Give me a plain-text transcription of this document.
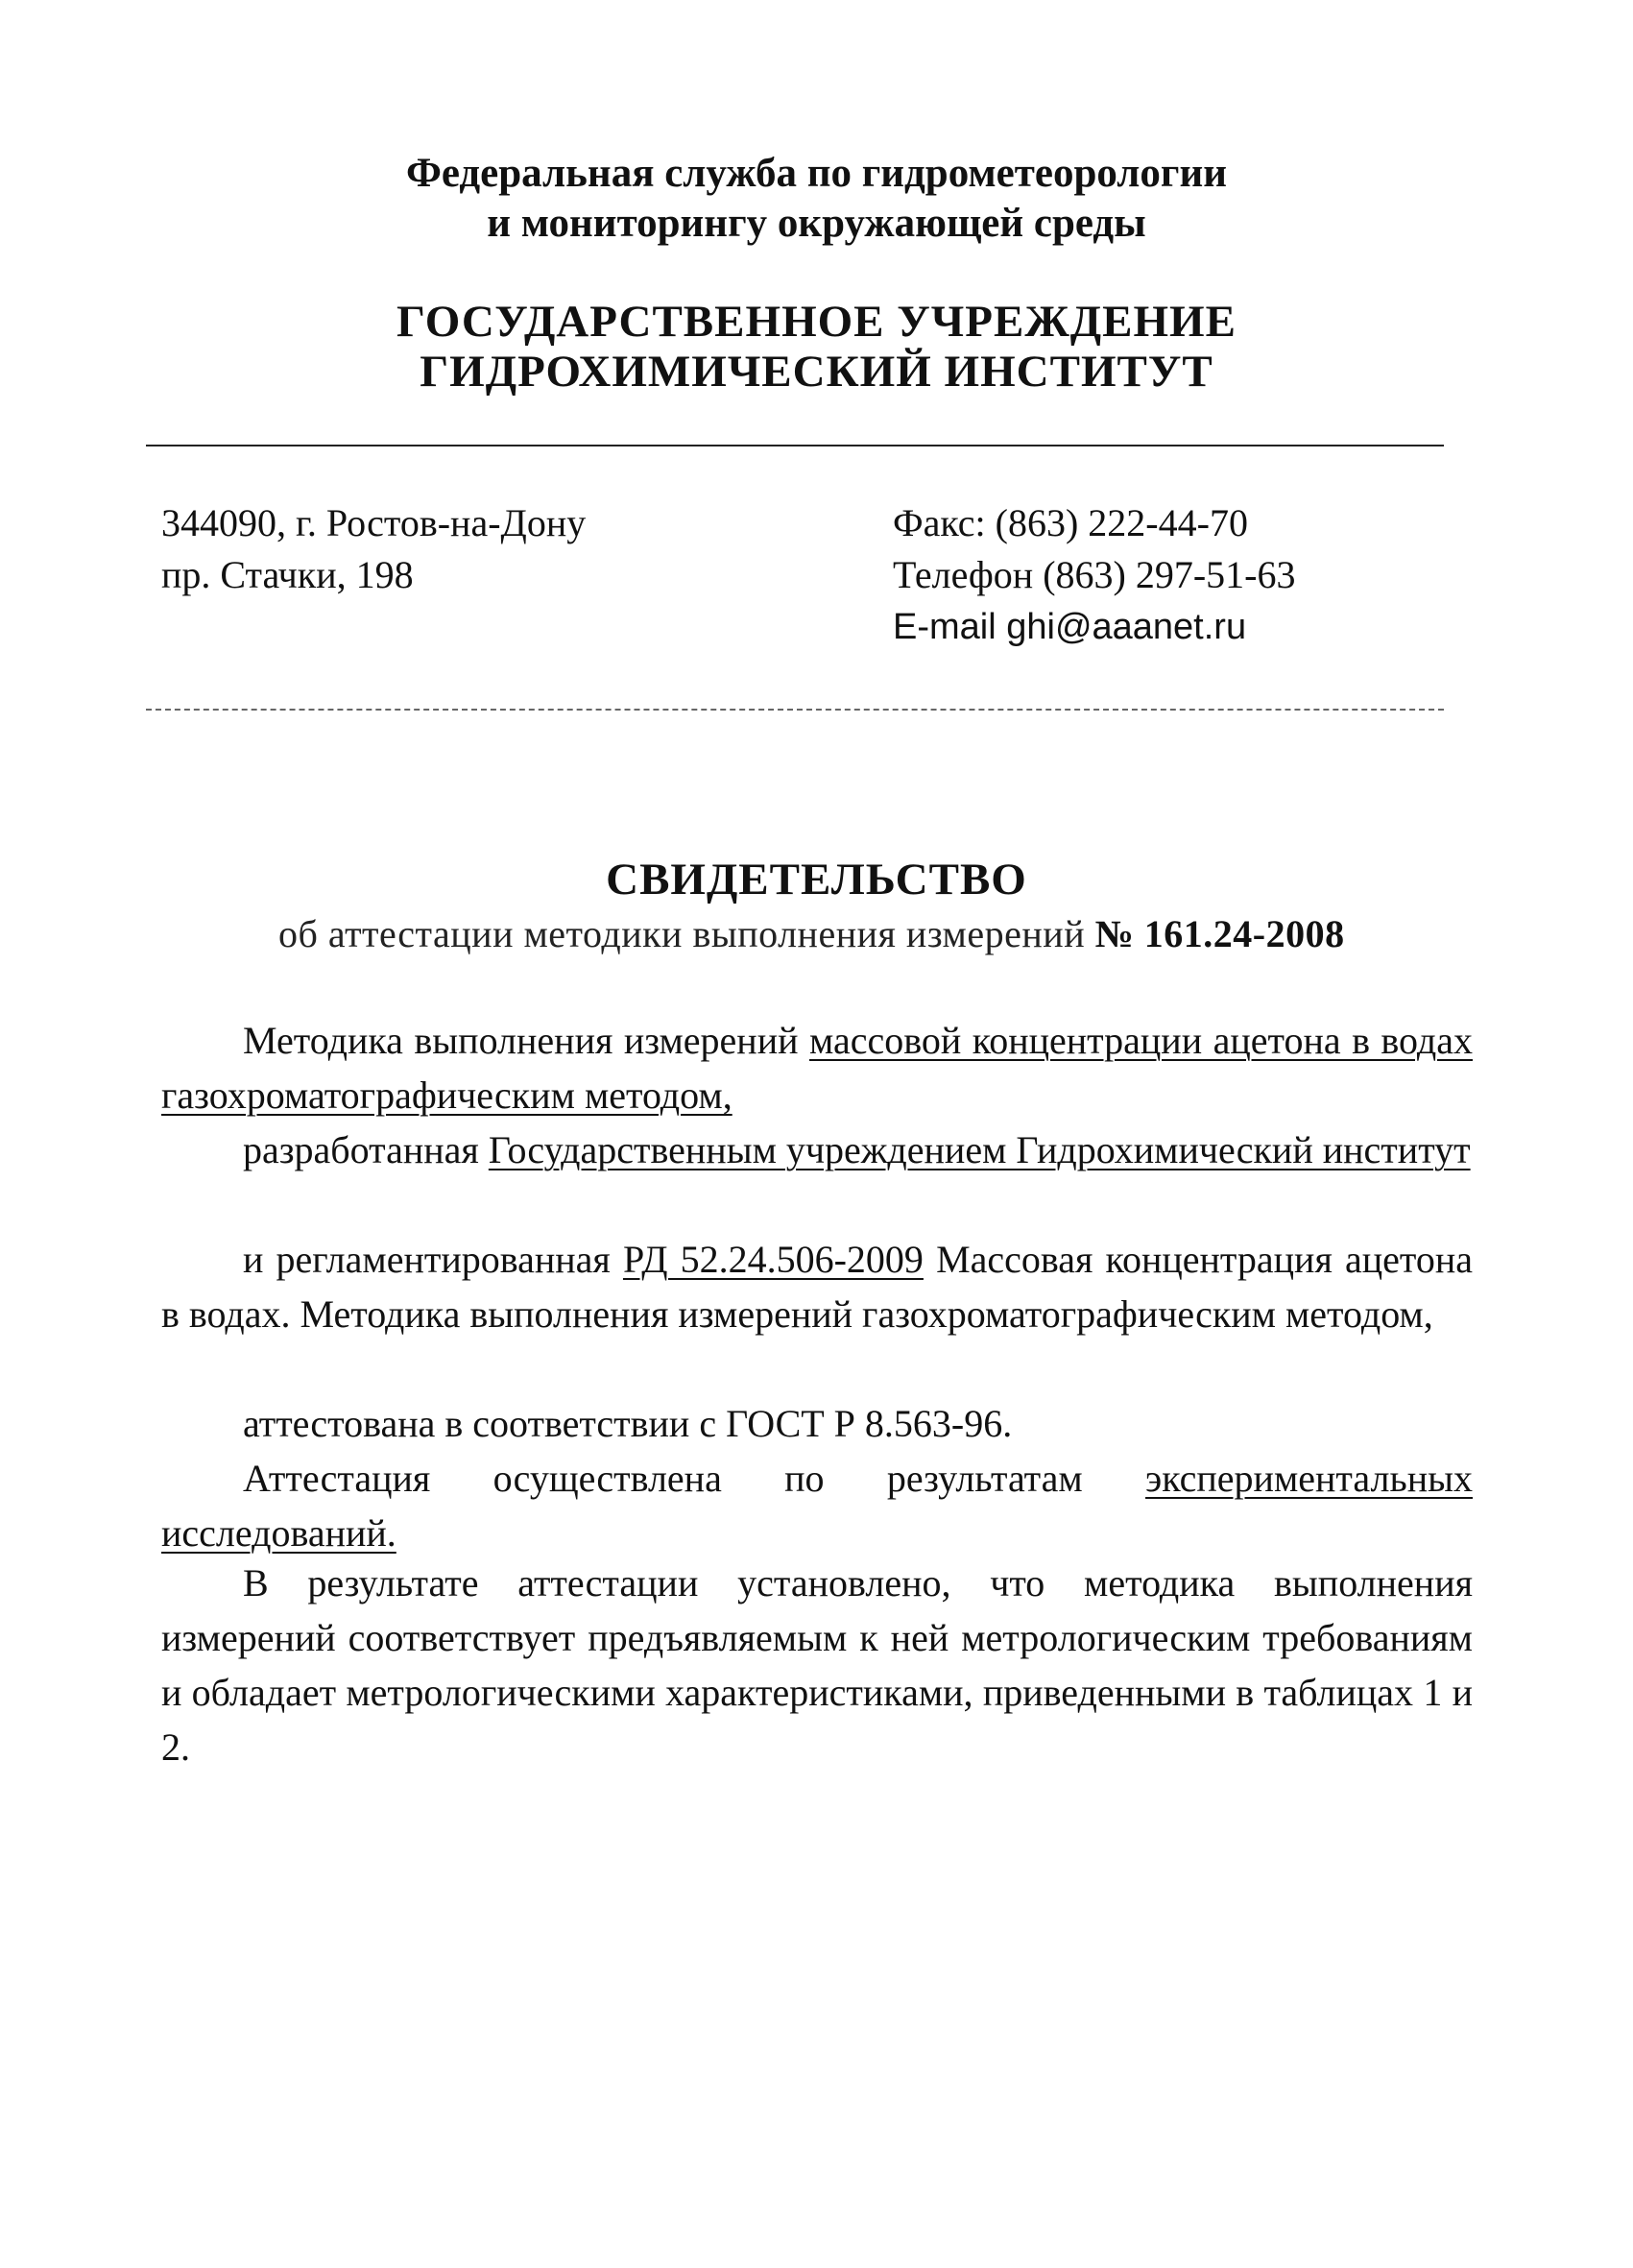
Федеральная служба по гидрометеорологии
и мониторингу окружающей среды
ГОСУДАРСТВЕННОЕ УЧРЕЖДЕНИЕ
ГИДРОХИМИЧЕСКИЙ ИНСТИТУТ
344090, г. Ростов-на-Дону
пр. Стачки, 198
Факс: (863) 222-44-70
Телефон (863) 297-51-63
E-mail ghi@aaanet.ru
СВИДЕТЕЛЬСТВО
об аттестации методики выполнения измерений № 161.24-2008
Методика выполнения измерений массовой концентрации ацетона в водах газохроматографическим методом,
разработанная Государственным учреждением Гидрохимический институт
и регламентированная РД 52.24.506-2009 Массовая концентрация ацетона в водах. Методика выполнения измерений газохроматографическим методом,
аттестована в соответствии с ГОСТ Р 8.563-96.
Аттестация осуществлена по результатам экспериментальных исследований.
В результате аттестации установлено, что методика выполнения измерений соответствует предъявляемым к ней метрологическим требованиям и обладает метрологическими характеристиками, приведенными в таблицах 1 и 2.
